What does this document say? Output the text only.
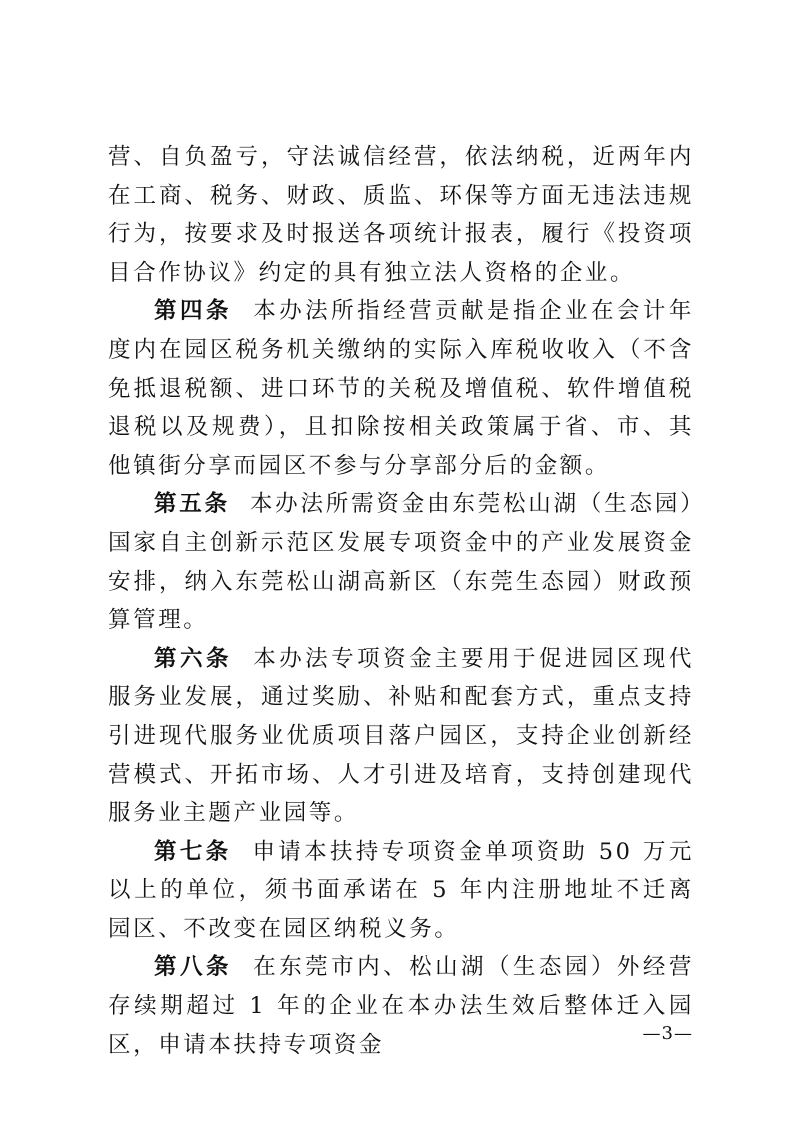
营、自负盈亏，守法诚信经营，依法纳税，近两年内在工商、税务、财政、质监、环保等方面无违法违规行为，按要求及时报送各项统计报表，履行《投资项目合作协议》约定的具有独立法人资格的企业。

第四条 本办法所指经营贡献是指企业在会计年度内在园区税务机关缴纳的实际入库税收收入（不含免抵退税额、进口环节的关税及增值税、软件增值税退税以及规费），且扣除按相关政策属于省、市、其他镇街分享而园区不参与分享部分后的金额。

第五条 本办法所需资金由东莞松山湖（生态园）国家自主创新示范区发展专项资金中的产业发展资金安排，纳入东莞松山湖高新区（东莞生态园）财政预算管理。

第六条 本办法专项资金主要用于促进园区现代服务业发展，通过奖励、补贴和配套方式，重点支持引进现代服务业优质项目落户园区，支持企业创新经营模式、开拓市场、人才引进及培育，支持创建现代服务业主题产业园等。

第七条 申请本扶持专项资金单项资助 50 万元以上的单位，须书面承诺在 5 年内注册地址不迁离园区、不改变在园区纳税义务。

第八条 在东莞市内、松山湖（生态园）外经营存续期超过 1 年的企业在本办法生效后整体迁入园区，申请本扶持专项资金	—3—
